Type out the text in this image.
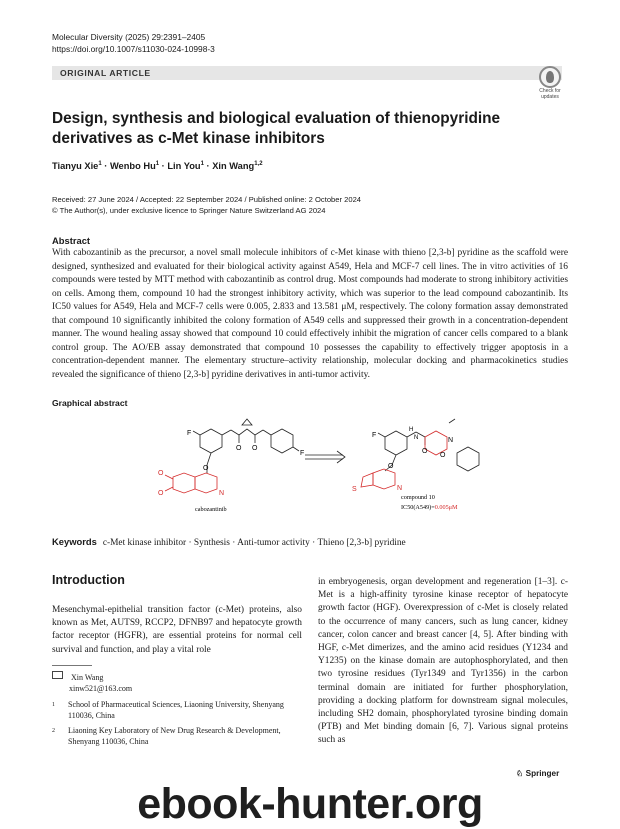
Molecular Diversity (2025) 29:2391–2405
https://doi.org/10.1007/s11030-024-10998-3
ORIGINAL ARTICLE
Check for updates
Design, synthesis and biological evaluation of thienopyridine derivatives as c-Met kinase inhibitors
Tianyu Xie$^1$ · Wenbo $Hu^1$ · Lin You$^1$ · Xin Wang$^{1,2}$
Received: 27 June 2024 / Accepted: 22 September 2024 / Published online: 2 October 2024
© The Author(s), under exclusive licence to Springer Nature Switzerland AG 2024
Abstract
With cabozantinib as the precursor, a novel small molecule inhibitors of c-Met kinase with thieno [2,3-b] pyridine as the scaffold were designed, synthesized and evaluated for their biological activity against A549, Hela and MCF-7 cell lines. The in vitro activities of 16 compounds were tested by MTT method with cabozantinib as control drug. Most compounds had moderate to strong inhibitory activities on cells. Among them, compound 10 had the strongest inhibitory activity, which was superior to the lead compound cabozantinib. Its IC50 values for A549, Hela and MCF-7 cells were 0.005, 2.833 and 13.581 μM, respectively. The colony formation assay demonstrated that compound 10 significantly inhibited the colony formation of A549 cells and suppressed their growth in a concentration-dependent manner. The wound healing assay showed that compound 10 could effectively inhibit the migration of cancer cells compared to a blank control group. The AO/EB assay demonstrated that compound 10 possesses the capability to effectively trigger apoptosis in a concentration-dependent manner. The elementary structure–activity relationship, molecular docking and pharmacokinetics studies revealed the significance of thieno [2,3-b] pyridine derivatives in anti-tumor activity.
Graphical abstract
F
F
O
O O
O
O	N
cabozantinib
F
H
N
O
O
N
O
S	N
compound 10
IC50(A549)=0.005μM
Keywords c-Met kinase inhibitor · Synthesis · Anti-tumor activity · Thieno [2,3-b] pyridine
Introduction
Mesenchymal-epithelial transition factor (c-Met) proteins, also known as Met, AUTS9, RCCP2, DFNB97 and hepatocyte growth factor receptor (HGFR), are essential proteins for normal cell survival and function, and play a vital role
in embryogenesis, organ development and regeneration [1–3]. c-Met is a high-affinity tyrosine kinase receptor of hepatocyte growth factor (HGF). Overexpression of c-Met is closely related to the occurrence of many cancers, such as lung cancer, kidney cancer, colon cancer and breast cancer [4, 5]. After binding with HGF, c-Met dimerizes, and the amino acid residues (Y1234 and Y1235) on the kinase domain are autophosphorylated, and then two tyrosine residues (Tyr1349 and Tyr1356) in the carbon terminal domain are initiated for further phosphorylation, providing a docking platform for downstream signal molecules, including SH2 domain, phosphorylated tyrosine binding domain (PTB) and Met binding domain [6, 7]. Various signal proteins such as
Xin Wang
xinw521@163.com
1 School of Pharmaceutical Sciences, Liaoning University, Shenyang 110036, China
2 Liaoning Key Laboratory of New Drug Research & Development, Shenyang 110036, China
♘ Springer
ebook-hunter.org
